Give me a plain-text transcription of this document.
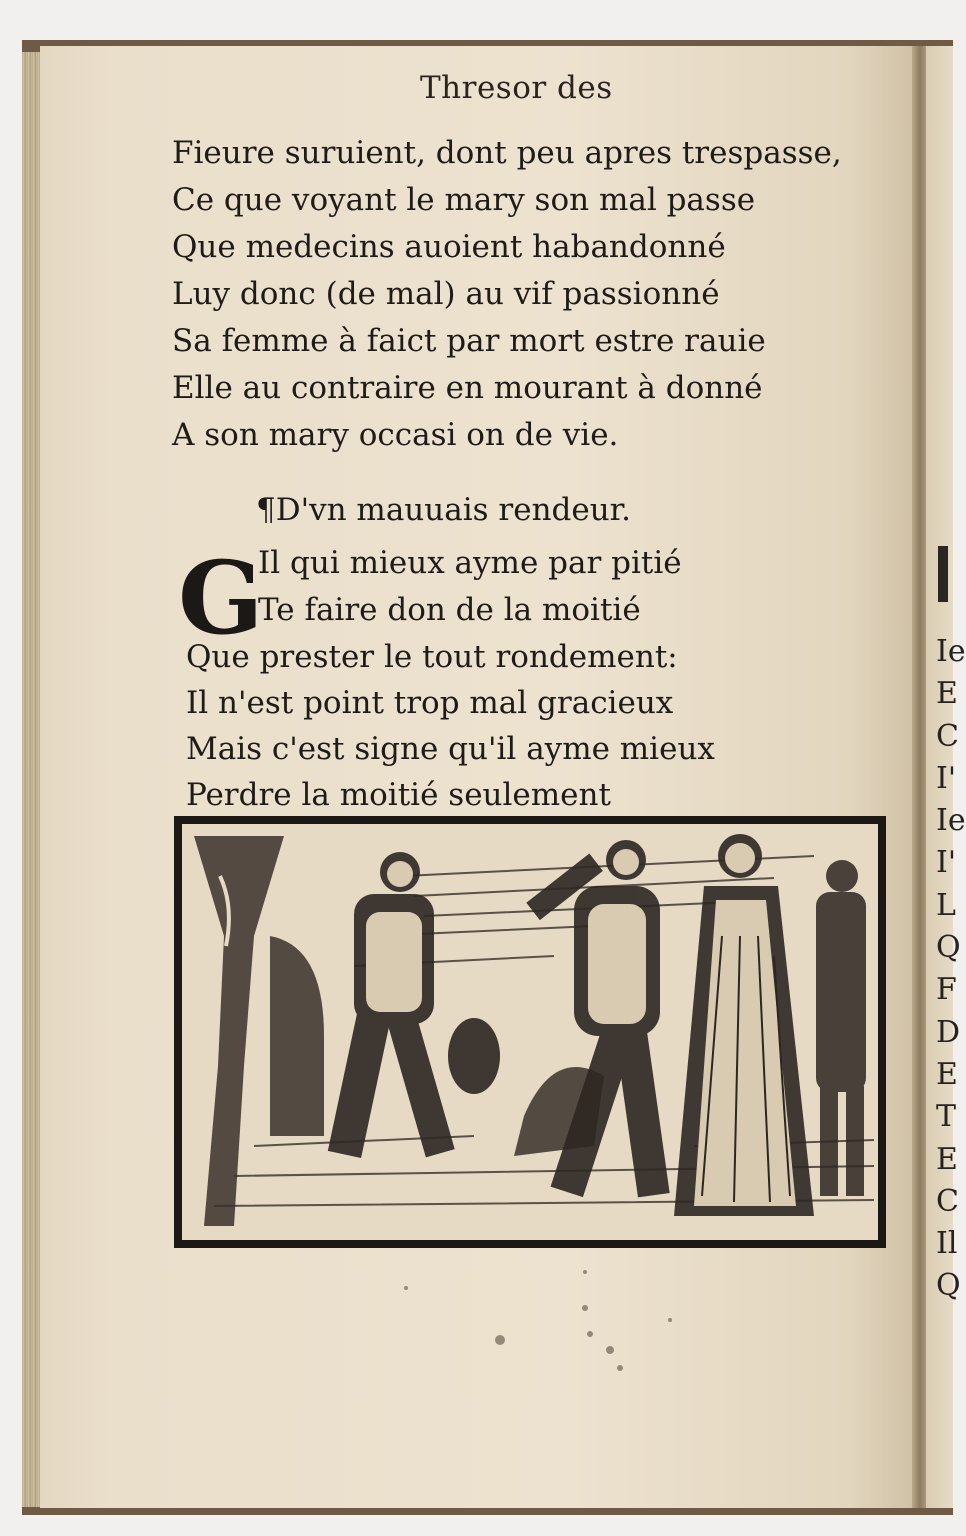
Ie
E
C
I'
Ie
I'
L
Q
F
D
E
T
E
C
Il
Q
Thresor des
Fieure suruient, dont peu apres trespasse,
Ce que voyant le mary son mal passe
Que medecins auoient habandonné
Luy donc (de mal) au vif passionné
Sa femme à faict par mort estre rauie
Elle au contraire en mourant à donné
A son mary occasi on de vie.
¶D'vn mauuais rendeur.
G
Il qui mieux ayme par pitié
Te faire don de la moitié
Que prester le tout rondement:
Il n'est point trop mal gracieux
Mais c'est signe qu'il ayme mieux
Perdre la moitié seulement
